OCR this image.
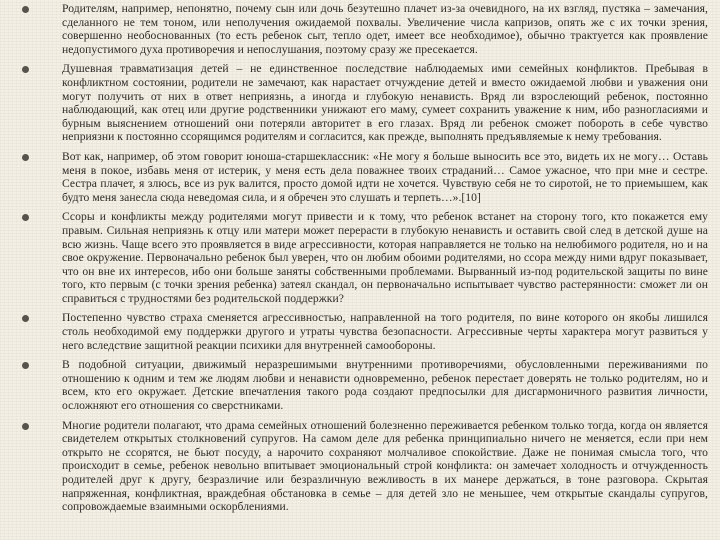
Родителям, например, непонятно, почему сын или дочь безутешно плачет из-за очевидного, на их взгляд, пустяка – замечания, сделанного не тем тоном, или неполучения ожидаемой похвалы. Увеличение числа капризов, опять же с их точки зрения, совершенно необоснованных (то есть ребенок сыт, тепло одет, имеет все необходимое), обычно трактуется как проявление недопустимого духа противоречия и непослушания, поэтому сразу же пресекается.
Душевная травматизация детей – не единственное последствие наблюдаемых ими семейных конфликтов. Пребывая в конфликтном состоянии, родители не замечают, как нарастает отчуждение детей и вместо ожидаемой любви и уважения они могут получить от них в ответ неприязнь, а иногда и глубокую ненависть. Вряд ли взрослеющий ребенок, постоянно наблюдающий, как отец или другие родственники унижают его маму, сумеет сохранить уважение к ним, ибо разногласиями и бурным выяснением отношений они потеряли авторитет в его глазах. Вряд ли ребенок сможет побороть в себе чувство неприязни к постоянно ссорящимся родителям и согласится, как прежде, выполнять предъявляемые к нему требования.
Вот как, например, об этом говорит юноша-старшеклассник: «Не могу я больше выносить все это, видеть их не могу… Оставь меня в покое, избавь меня от истерик, у меня есть дела поважнее твоих страданий… Самое ужасное, что при мне и сестре. Сестра плачет, я злюсь, все из рук валится, просто домой идти не хочется. Чувствую себя не то сиротой, не то приемышем, как будто меня занесла сюда неведомая сила, и я обречен это слушать и терпеть…».[10]
Ссоры и конфликты между родителями могут привести и к тому, что ребенок встанет на сторону того, кто покажется ему правым. Сильная неприязнь к отцу или матери может перерасти в глубокую ненависть и оставить свой след в детской душе на всю жизнь. Чаще всего это проявляется в виде агрессивности, которая направляется не только на нелюбимого родителя, но и на свое окружение. Первоначально ребенок был уверен, что он любим обоими родителями, но ссора между ними вдруг показывает, что он вне их интересов, ибо они больше заняты собственными проблемами. Вырванный из-под родительской защиты по вине того, кто первым (с точки зрения ребенка) затеял скандал, он первоначально испытывает чувство растерянности: сможет ли он справиться с трудностями без родительской поддержки?
Постепенно чувство страха сменяется агрессивностью, направленной на того родителя, по вине которого он якобы лишился столь необходимой ему поддержки другого и утраты чувства безопасности. Агрессивные черты характера могут развиться у него вследствие защитной реакции психики для внутренней самообороны.
В подобной ситуации, движимый неразрешимыми внутренними противоречиями, обусловленными переживаниями по отношению к одним и тем же людям любви и ненависти одновременно, ребенок перестает доверять не только родителям, но и всем, кто его окружает. Детские впечатления такого рода создают предпосылки для дисгармоничного развития личности, осложняют его отношения со сверстниками.
Многие родители полагают, что драма семейных отношений болезненно переживается ребенком только тогда, когда он является свидетелем открытых столкновений супругов. На самом деле для ребенка принципиально ничего не меняется, если при нем открыто не ссорятся, не бьют посуду, а нарочито сохраняют молчаливое спокойствие. Даже не понимая смысла того, что происходит в семье, ребенок невольно впитывает эмоциональный строй конфликта: он замечает холодность и отчужденность родителей друг к другу, безразличие или безразличную вежливость в их манере держаться, в тоне разговора. Скрытая напряженная, конфликтная, враждебная обстановка в семье – для детей зло не меньшее, чем открытые скандалы супругов, сопровождаемые взаимными оскорблениями.
